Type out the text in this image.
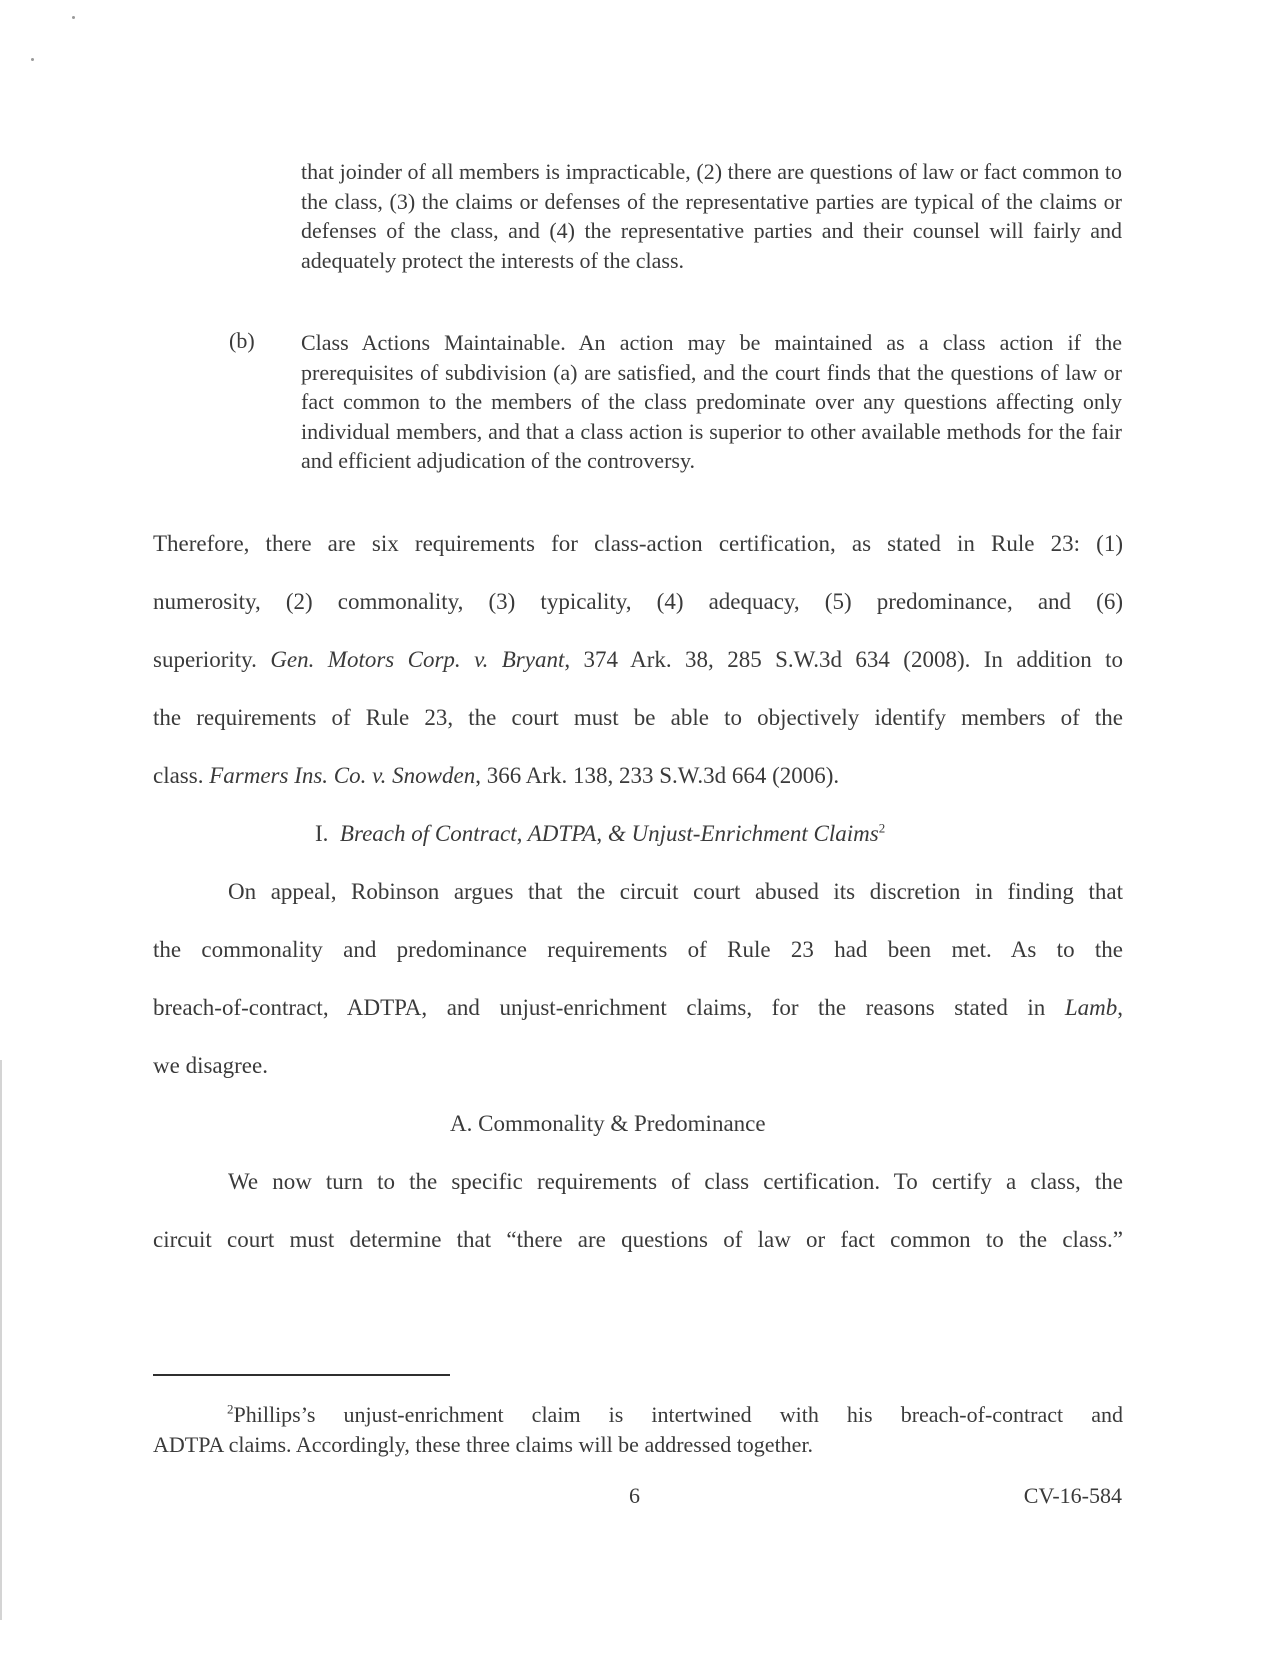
that joinder of all members is impracticable, (2) there are questions of law or fact common to the class, (3) the claims or defenses of the representative parties are typical of the claims or defenses of the class, and (4) the representative parties and their counsel will fairly and adequately protect the interests of the class.
(b) Class Actions Maintainable. An action may be maintained as a class action if the prerequisites of subdivision (a) are satisfied, and the court finds that the questions of law or fact common to the members of the class predominate over any questions affecting only individual members, and that a class action is superior to other available methods for the fair and efficient adjudication of the controversy.
Therefore, there are six requirements for class-action certification, as stated in Rule 23: (1)
numerosity, (2) commonality, (3) typicality, (4) adequacy, (5) predominance, and (6)
superiority. Gen. Motors Corp. v. Bryant, 374 Ark. 38, 285 S.W.3d 634 (2008). In addition to
the requirements of Rule 23, the court must be able to objectively identify members of the
class. Farmers Ins. Co. v. Snowden, 366 Ark. 138, 233 S.W.3d 664 (2006).
I. Breach of Contract, ADTPA, & Unjust-Enrichment Claims$^2$
On appeal, Robinson argues that the circuit court abused its discretion in finding that
the commonality and predominance requirements of Rule 23 had been met. As to the
breach-of-contract, ADTPA, and unjust-enrichment claims, for the reasons stated in Lamb,
we disagree.
A. Commonality & Predominance
We now turn to the specific requirements of class certification. To certify a class, the
circuit court must determine that “there are questions of law or fact common to the class.”
$^2$Phillips’s unjust-enrichment claim is intertwined with his breach-of-contract and
ADTPA claims. Accordingly, these three claims will be addressed together.
6	CV-16-584
